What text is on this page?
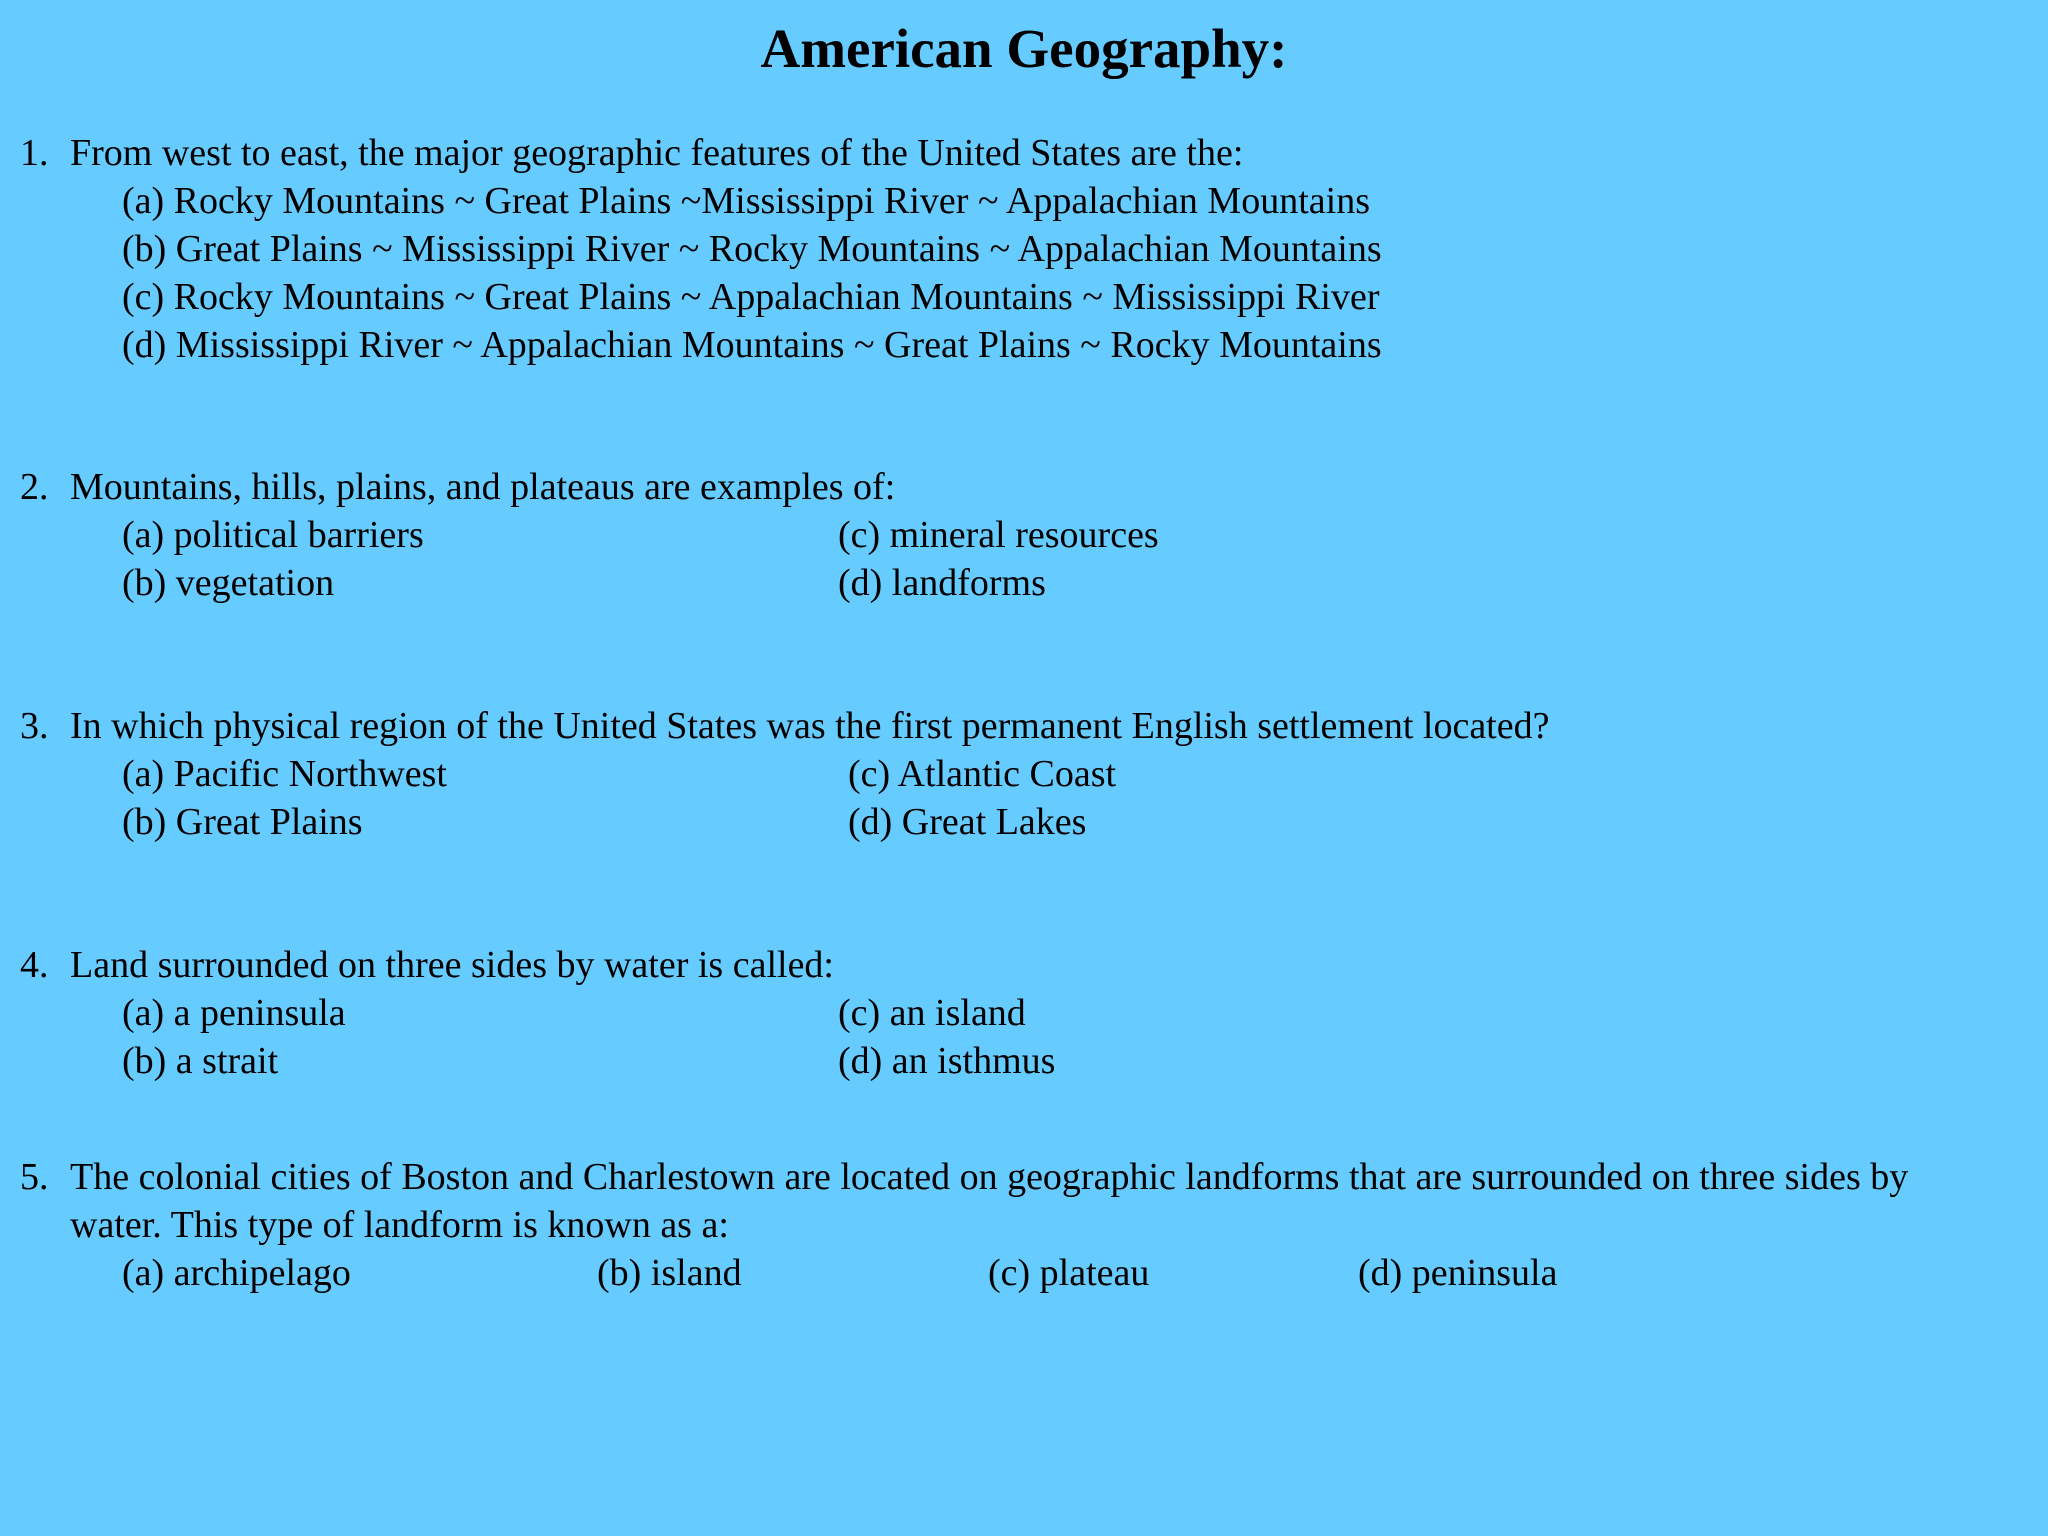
American Geography:
1. From west to east, the major geographic features of the United States are the:
(a) Rocky Mountains ~ Great Plains ~Mississippi River ~ Appalachian Mountains
(b) Great Plains ~ Mississippi River ~ Rocky Mountains ~ Appalachian Mountains
(c) Rocky Mountains ~ Great Plains ~ Appalachian Mountains ~ Mississippi River
(d) Mississippi River ~ Appalachian Mountains ~ Great Plains ~ Rocky Mountains
2. Mountains, hills, plains, and plateaus are examples of:
(a) political barriers
(b) vegetation
(c) mineral resources
(d) landforms
3. In which physical region of the United States was the first permanent English settlement located?
(a) Pacific Northwest
(b) Great Plains
(c) Atlantic Coast
(d) Great Lakes
4. Land surrounded on three sides by water is called:
(a) a peninsula
(b) a strait
(c) an island
(d) an isthmus
5. The colonial cities of Boston and Charlestown are located on geographic landforms that are surrounded on three sides by
water. This type of landform is known as a:
(a) archipelago	(b) island	(c) plateau	(d) peninsula
